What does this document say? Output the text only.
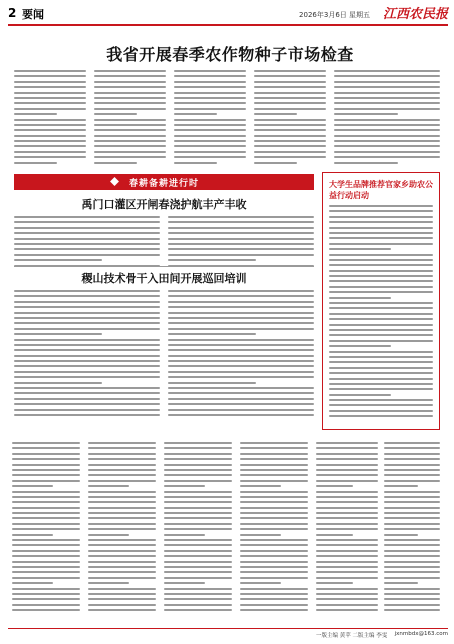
2 要闻	2026年3月6日 星期五 江西农民报
我省开展春季农作物种子市场检查
春耕备耕进行时
禹门口灌区开闸春浇护航丰产丰收
稷山技术骨干入田间开展巡回培训
大学生品牌推荐官家乡助农公益行动启动
一版主编 黄苹 二版主编 李雯 jxnmbdx@163.com
